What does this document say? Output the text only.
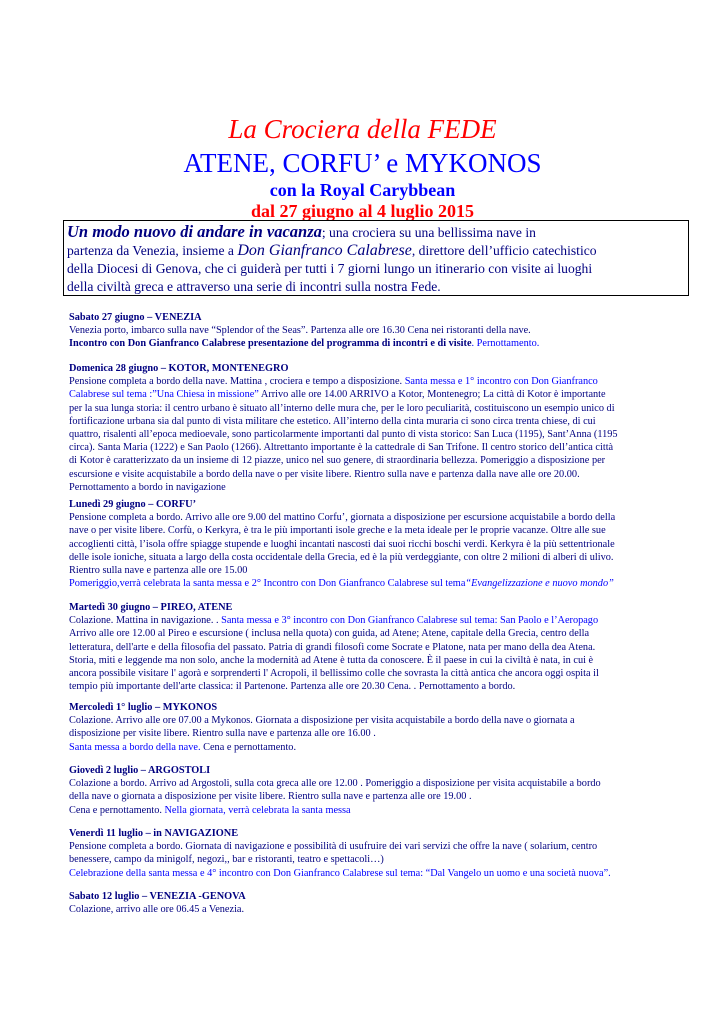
La Crociera della FEDE
ATENE, CORFU’ e MYKONOS
con la Royal Carybbean
dal 27 giugno al 4 luglio 2015
Un modo nuovo di andare in vacanza; una crociera su una bellissima nave in
partenza da Venezia, insieme a Don Gianfranco Calabrese, direttore dell’ufficio catechistico
della Diocesi di Genova, che ci guiderà per tutti i 7 giorni lungo un itinerario con visite ai luoghi
della civiltà greca e attraverso una serie di incontri sulla nostra Fede.
Sabato 27 giugno – VENEZIA
Venezia porto, imbarco sulla nave “Splendor of the Seas”. Partenza alle ore 16.30 Cena nei ristoranti della nave.
Incontro con Don Gianfranco Calabrese presentazione del programma di incontri e di visite. Pernottamento.
Domenica 28 giugno – KOTOR, MONTENEGRO
Pensione completa a bordo della nave. Mattina , crociera e tempo a disposizione. Santa messa e 1° incontro con Don Gianfranco
Calabrese sul tema :”Una Chiesa in missione” Arrivo alle ore 14.00 ARRIVO a Kotor, Montenegro; La città di Kotor è importante
per la sua lunga storia: il centro urbano è situato all’interno delle mura che, per le loro peculiarità, costituiscono un esempio unico di
fortificazione urbana sia dal punto di vista militare che estetico. All’interno della cinta muraria ci sono circa trenta chiese, di cui
quattro, risalenti all’epoca medioevale, sono particolarmente importanti dal punto di vista storico: San Luca (1195), Sant’Anna (1195
circa). Santa Maria (1222) e San Paolo (1266). Altrettanto importante è la cattedrale di San Trifone. Il centro storico dell’antica città
di Kotor è caratterizzato da un insieme di 12 piazze, unico nel suo genere, di straordinaria bellezza. Pomeriggio a disposizione per
escursione e visite acquistabile a bordo della nave o per visite libere. Rientro sulla nave e partenza dalla nave alle ore 20.00.
Pernottamento a bordo in navigazione
Lunedì 29 giugno – CORFU’
Pensione completa a bordo. Arrivo alle ore 9.00 del mattino Corfu’, giornata a disposizione per escursione acquistabile a bordo della
nave o per visite libere. Corfù, o Kerkyra, è tra le più importanti isole greche e la meta ideale per le proprie vacanze. Oltre alle sue
accoglienti città, l’isola offre spiagge stupende e luoghi incantati nascosti dai suoi ricchi boschi verdi. Kerkyra è la più settentrionale
delle isole ioniche, situata a largo della costa occidentale della Grecia, ed è la più verdeggiante, con oltre 2 milioni di alberi di ulivo.
Rientro sulla nave e partenza alle ore 15.00
Pomeriggio,verrà celebrata la santa messa e 2° Incontro con Don Gianfranco Calabrese sul tema“Evangelizzazione e nuovo mondo”
Martedì 30 giugno – PIREO, ATENE
Colazione. Mattina in navigazione. . Santa messa e 3° incontro con Don Gianfranco Calabrese sul tema: San Paolo e l’Aeropago
Arrivo alle ore 12.00 al Pireo e escursione ( inclusa nella quota) con guida, ad Atene; Atene, capitale della Grecia, centro della
letteratura, dell'arte e della filosofia del passato. Patria di grandi filosofi come Socrate e Platone, nata per mano della dea Atena.
Storia, miti e leggende ma non solo, anche la modernità ad Atene è tutta da conoscere. È il paese in cui la civiltà è nata, in cui è
ancora possibile visitare l' agorà e sorprenderti l' Acropoli, il bellissimo colle che sovrasta la città antica che ancora oggi ospita il
tempio più importante dell'arte classica: il Partenone. Partenza alle ore 20.30 Cena. . Pernottamento a bordo.
Mercoledì 1° luglio – MYKONOS
Colazione. Arrivo alle ore 07.00 a Mykonos. Giornata a disposizione per visita acquistabile a bordo della nave o giornata a
disposizione per visite libere. Rientro sulla nave e partenza alle ore 16.00 .
Santa messa a bordo della nave. Cena e pernottamento.
Giovedì 2 luglio – ARGOSTOLI
Colazione a bordo. Arrivo ad Argostoli, sulla cota greca alle ore 12.00 . Pomeriggio a disposizione per visita acquistabile a bordo
della nave o giornata a disposizione per visite libere. Rientro sulla nave e partenza alle ore 19.00 .
Cena e pernottamento. Nella giornata, verrà celebrata la santa messa
Venerdì 11 luglio – in NAVIGAZIONE
Pensione completa a bordo. Giornata di navigazione e possibilità di usufruire dei vari servizi che offre la nave ( solarium, centro
benessere, campo da minigolf, negozi,, bar e ristoranti, teatro e spettacoli…)
Celebrazione della santa messa e 4° incontro con Don Gianfranco Calabrese sul tema: “Dal Vangelo un uomo e una società nuova”.
Sabato 12 luglio – VENEZIA -GENOVA
Colazione, arrivo alle ore 06.45 a Venezia.
